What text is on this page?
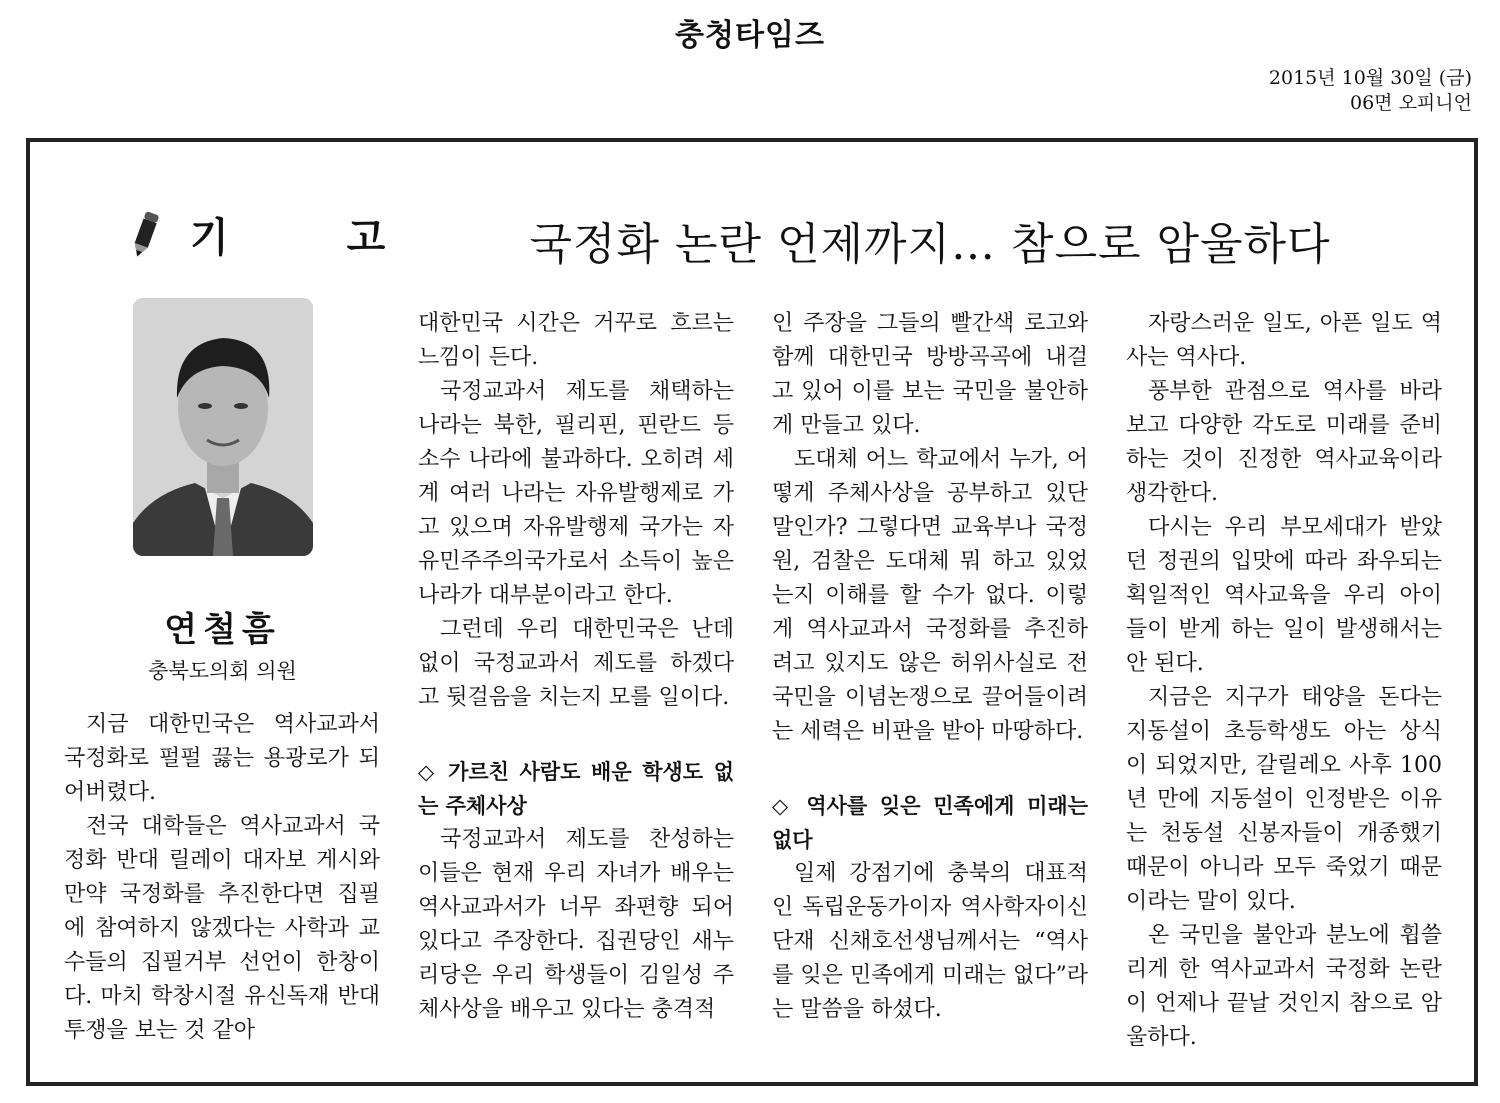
충청타임즈
2015년 10월 30일 (금)
06면 오피니언
기 고	국정화 논란 언제까지… 참으로 암울하다
연철흠
충북도의회 의원

지금 대한민국은 역사교과서 국정화로 펄펄 끓는 용광로가 되어버렸다.

전국 대학들은 역사교과서 국정화 반대 릴레이 대자보 게시와 만약 국정화를 추진한다면 집필에 참여하지 않겠다는 사학과 교수들의 집필거부 선언이 한창이다. 마치 학창시절 유신독재 반대투쟁을 보는 것 같아

대한민국 시간은 거꾸로 흐르는 느낌이 든다.

국정교과서 제도를 채택하는 나라는 북한, 필리핀, 핀란드 등 소수 나라에 불과하다. 오히려 세계 여러 나라는 자유발행제로 가고 있으며 자유발행제 국가는 자유민주주의국가로서 소득이 높은 나라가 대부분이라고 한다.

그런데 우리 대한민국은 난데없이 국정교과서 제도를 하겠다고 뒷걸음을 치는지 모를 일이다.

◇ 가르친 사람도 배운 학생도 없는 주체사상

국정교과서 제도를 찬성하는 이들은 현재 우리 자녀가 배우는 역사교과서가 너무 좌편향 되어 있다고 주장한다. 집권당인 새누리당은 우리 학생들이 김일성 주체사상을 배우고 있다는 충격적

인 주장을 그들의 빨간색 로고와 함께 대한민국 방방곡곡에 내걸고 있어 이를 보는 국민을 불안하게 만들고 있다.

도대체 어느 학교에서 누가, 어떻게 주체사상을 공부하고 있단 말인가? 그렇다면 교육부나 국정원, 검찰은 도대체 뭐 하고 있었는지 이해를 할 수가 없다. 이렇게 역사교과서 국정화를 추진하려고 있지도 않은 허위사실로 전 국민을 이념논쟁으로 끌어들이려는 세력은 비판을 받아 마땅하다.

◇ 역사를 잊은 민족에게 미래는 없다

일제 강점기에 충북의 대표적인 독립운동가이자 역사학자이신 단재 신채호선생님께서는 “역사를 잊은 민족에게 미래는 없다”라는 말씀을 하셨다.

자랑스러운 일도, 아픈 일도 역사는 역사다.

풍부한 관점으로 역사를 바라보고 다양한 각도로 미래를 준비하는 것이 진정한 역사교육이라 생각한다.

다시는 우리 부모세대가 받았던 정권의 입맛에 따라 좌우되는 획일적인 역사교육을 우리 아이들이 받게 하는 일이 발생해서는 안 된다.

지금은 지구가 태양을 돈다는 지동설이 초등학생도 아는 상식이 되었지만, 갈릴레오 사후 100년 만에 지동설이 인정받은 이유는 천동설 신봉자들이 개종했기 때문이 아니라 모두 죽었기 때문이라는 말이 있다.

온 국민을 불안과 분노에 휩쓸리게 한 역사교과서 국정화 논란이 언제나 끝날 것인지 참으로 암울하다.
